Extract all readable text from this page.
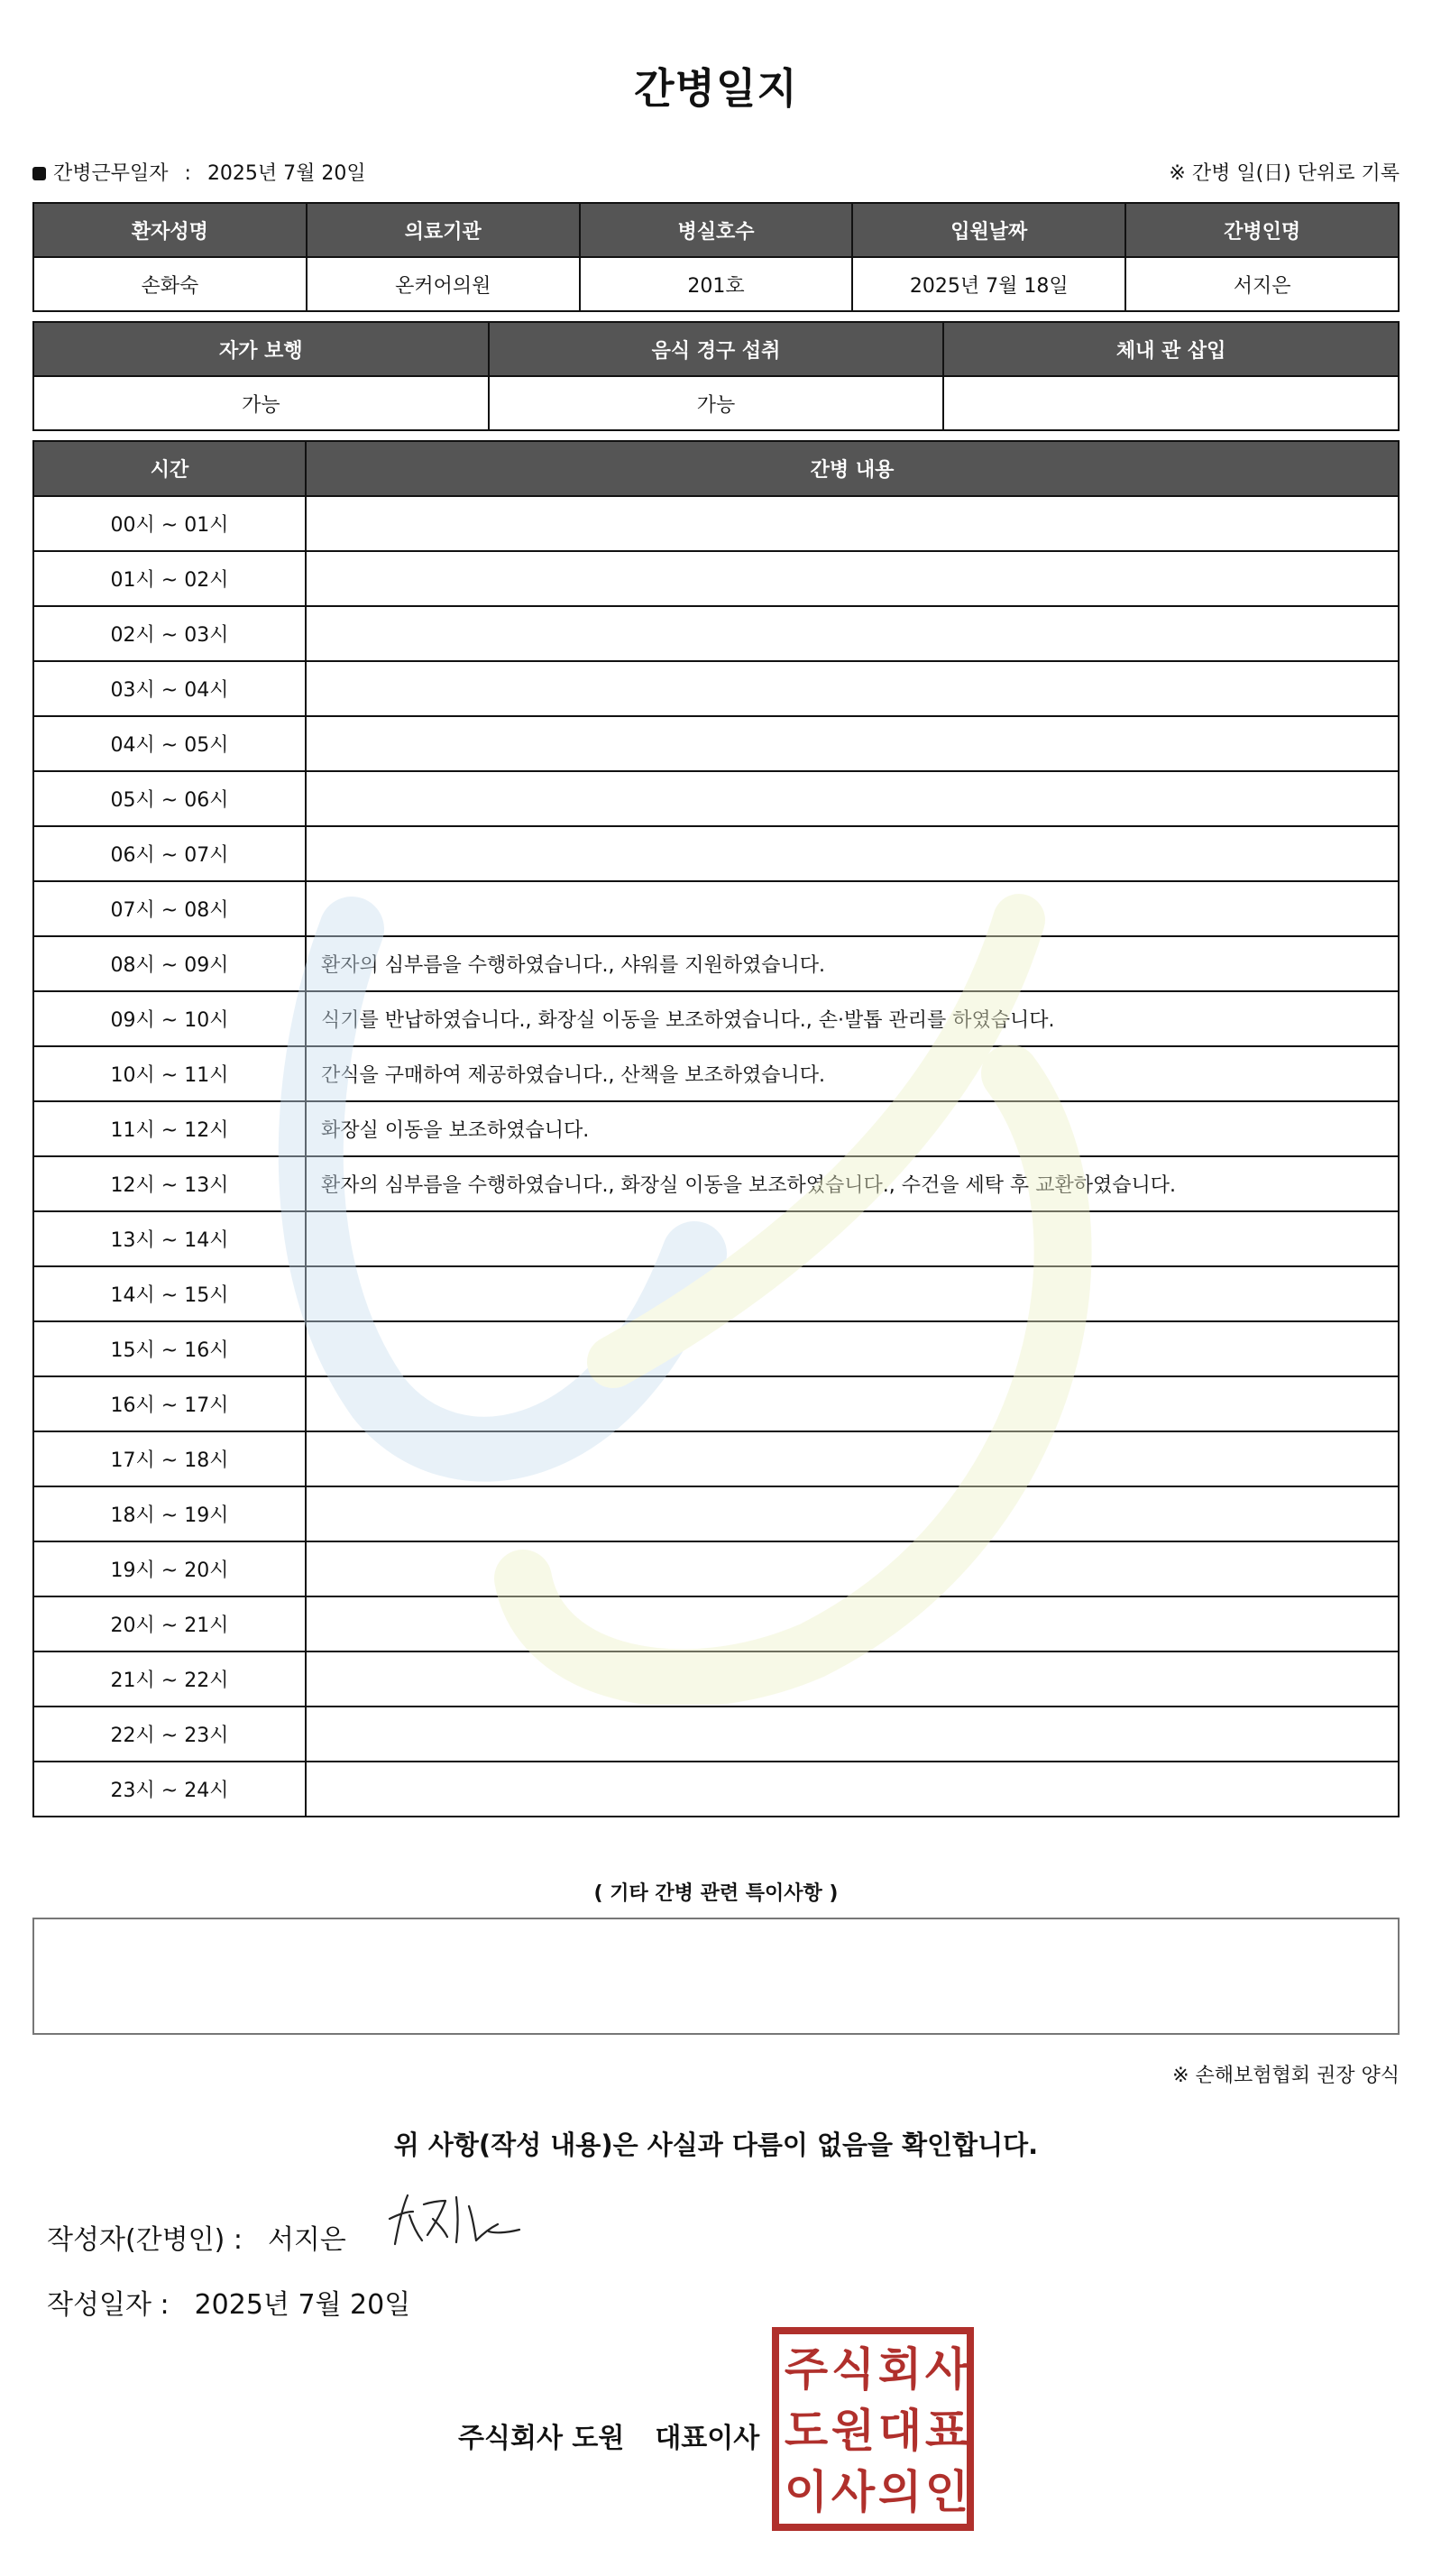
간병일지
간병근무일자 : 2025년 7월 20일	※ 간병 일(日) 단위로 기록
환자성명	의료기관	병실호수	입원날짜	간병인명
손화숙	온커어의원	201호	2025년 7월 18일	서지은
자가 보행	음식 경구 섭취	체내 관 삽입
가능	가능	
시간	간병 내용
00시 ~ 01시	
01시 ~ 02시	
02시 ~ 03시	
03시 ~ 04시	
04시 ~ 05시	
05시 ~ 06시	
06시 ~ 07시	
07시 ~ 08시	
08시 ~ 09시	환자의 심부름을 수행하였습니다., 샤워를 지원하였습니다.
09시 ~ 10시	식기를 반납하였습니다., 화장실 이동을 보조하였습니다., 손·발톱 관리를 하였습니다.
10시 ~ 11시	간식을 구매하여 제공하였습니다., 산책을 보조하였습니다.
11시 ~ 12시	화장실 이동을 보조하였습니다.
12시 ~ 13시	환자의 심부름을 수행하였습니다., 화장실 이동을 보조하였습니다., 수건을 세탁 후 교환하였습니다.
13시 ~ 14시	
14시 ~ 15시	
15시 ~ 16시	
16시 ~ 17시	
17시 ~ 18시	
18시 ~ 19시	
19시 ~ 20시	
20시 ~ 21시	
21시 ~ 22시	
22시 ~ 23시	
23시 ~ 24시	
( 기타 간병 관련 특이사항 )
※ 손해보험협회 권장 양식
위 사항(작성 내용)은 사실과 다름이 없음을 확인합니다.
작성자(간병인) : 서지은
작성일자 : 2025년 7월 20일
주식회사 도원 대표이사
주 식 회 사
도 원 대 표
이 사 의 인
